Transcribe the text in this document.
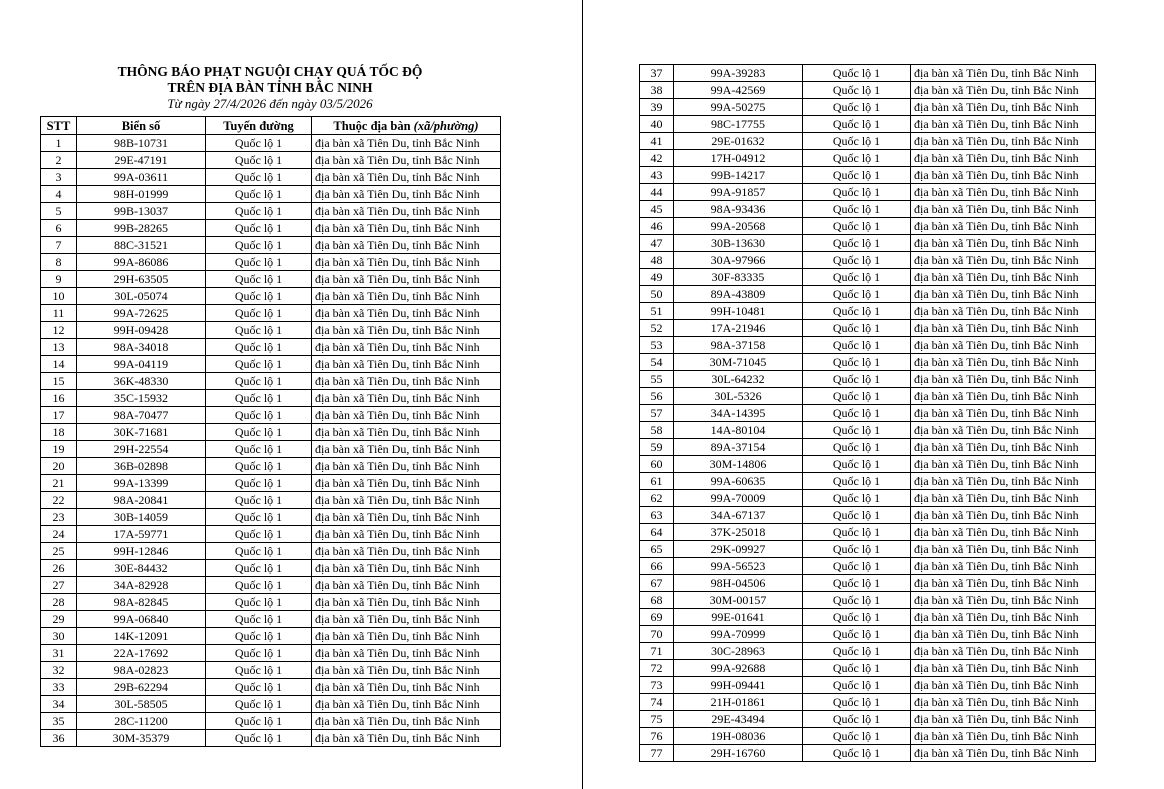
THÔNG BÁO PHẠT NGUỘI CHẠY QUÁ TỐC ĐỘ
TRÊN ĐỊA BÀN TỈNH BẮC NINH
Từ ngày 27/4/2026 đến ngày 03/5/2026
STT	Biển số	Tuyến đường	Thuộc địa bàn (xã/phường)
1	98B-10731	Quốc lộ 1	địa bàn xã Tiên Du, tỉnh Bắc Ninh
2	29E-47191	Quốc lộ 1	địa bàn xã Tiên Du, tỉnh Bắc Ninh
3	99A-03611	Quốc lộ 1	địa bàn xã Tiên Du, tỉnh Bắc Ninh
4	98H-01999	Quốc lộ 1	địa bàn xã Tiên Du, tỉnh Bắc Ninh
5	99B-13037	Quốc lộ 1	địa bàn xã Tiên Du, tỉnh Bắc Ninh
6	99B-28265	Quốc lộ 1	địa bàn xã Tiên Du, tỉnh Bắc Ninh
7	88C-31521	Quốc lộ 1	địa bàn xã Tiên Du, tỉnh Bắc Ninh
8	99A-86086	Quốc lộ 1	địa bàn xã Tiên Du, tỉnh Bắc Ninh
9	29H-63505	Quốc lộ 1	địa bàn xã Tiên Du, tỉnh Bắc Ninh
10	30L-05074	Quốc lộ 1	địa bàn xã Tiên Du, tỉnh Bắc Ninh
11	99A-72625	Quốc lộ 1	địa bàn xã Tiên Du, tỉnh Bắc Ninh
12	99H-09428	Quốc lộ 1	địa bàn xã Tiên Du, tỉnh Bắc Ninh
13	98A-34018	Quốc lộ 1	địa bàn xã Tiên Du, tỉnh Bắc Ninh
14	99A-04119	Quốc lộ 1	địa bàn xã Tiên Du, tỉnh Bắc Ninh
15	36K-48330	Quốc lộ 1	địa bàn xã Tiên Du, tỉnh Bắc Ninh
16	35C-15932	Quốc lộ 1	địa bàn xã Tiên Du, tỉnh Bắc Ninh
17	98A-70477	Quốc lộ 1	địa bàn xã Tiên Du, tỉnh Bắc Ninh
18	30K-71681	Quốc lộ 1	địa bàn xã Tiên Du, tỉnh Bắc Ninh
19	29H-22554	Quốc lộ 1	địa bàn xã Tiên Du, tỉnh Bắc Ninh
20	36B-02898	Quốc lộ 1	địa bàn xã Tiên Du, tỉnh Bắc Ninh
21	99A-13399	Quốc lộ 1	địa bàn xã Tiên Du, tỉnh Bắc Ninh
22	98A-20841	Quốc lộ 1	địa bàn xã Tiên Du, tỉnh Bắc Ninh
23	30B-14059	Quốc lộ 1	địa bàn xã Tiên Du, tỉnh Bắc Ninh
24	17A-59771	Quốc lộ 1	địa bàn xã Tiên Du, tỉnh Bắc Ninh
25	99H-12846	Quốc lộ 1	địa bàn xã Tiên Du, tỉnh Bắc Ninh
26	30E-84432	Quốc lộ 1	địa bàn xã Tiên Du, tỉnh Bắc Ninh
27	34A-82928	Quốc lộ 1	địa bàn xã Tiên Du, tỉnh Bắc Ninh
28	98A-82845	Quốc lộ 1	địa bàn xã Tiên Du, tỉnh Bắc Ninh
29	99A-06840	Quốc lộ 1	địa bàn xã Tiên Du, tỉnh Bắc Ninh
30	14K-12091	Quốc lộ 1	địa bàn xã Tiên Du, tỉnh Bắc Ninh
31	22A-17692	Quốc lộ 1	địa bàn xã Tiên Du, tỉnh Bắc Ninh
32	98A-02823	Quốc lộ 1	địa bàn xã Tiên Du, tỉnh Bắc Ninh
33	29B-62294	Quốc lộ 1	địa bàn xã Tiên Du, tỉnh Bắc Ninh
34	30L-58505	Quốc lộ 1	địa bàn xã Tiên Du, tỉnh Bắc Ninh
35	28C-11200	Quốc lộ 1	địa bàn xã Tiên Du, tỉnh Bắc Ninh
36	30M-35379	Quốc lộ 1	địa bàn xã Tiên Du, tỉnh Bắc Ninh
37	99A-39283	Quốc lộ 1	địa bàn xã Tiên Du, tỉnh Bắc Ninh
38	99A-42569	Quốc lộ 1	địa bàn xã Tiên Du, tỉnh Bắc Ninh
39	99A-50275	Quốc lộ 1	địa bàn xã Tiên Du, tỉnh Bắc Ninh
40	98C-17755	Quốc lộ 1	địa bàn xã Tiên Du, tỉnh Bắc Ninh
41	29E-01632	Quốc lộ 1	địa bàn xã Tiên Du, tỉnh Bắc Ninh
42	17H-04912	Quốc lộ 1	địa bàn xã Tiên Du, tỉnh Bắc Ninh
43	99B-14217	Quốc lộ 1	địa bàn xã Tiên Du, tỉnh Bắc Ninh
44	99A-91857	Quốc lộ 1	địa bàn xã Tiên Du, tỉnh Bắc Ninh
45	98A-93436	Quốc lộ 1	địa bàn xã Tiên Du, tỉnh Bắc Ninh
46	99A-20568	Quốc lộ 1	địa bàn xã Tiên Du, tỉnh Bắc Ninh
47	30B-13630	Quốc lộ 1	địa bàn xã Tiên Du, tỉnh Bắc Ninh
48	30A-97966	Quốc lộ 1	địa bàn xã Tiên Du, tỉnh Bắc Ninh
49	30F-83335	Quốc lộ 1	địa bàn xã Tiên Du, tỉnh Bắc Ninh
50	89A-43809	Quốc lộ 1	địa bàn xã Tiên Du, tỉnh Bắc Ninh
51	99H-10481	Quốc lộ 1	địa bàn xã Tiên Du, tỉnh Bắc Ninh
52	17A-21946	Quốc lộ 1	địa bàn xã Tiên Du, tỉnh Bắc Ninh
53	98A-37158	Quốc lộ 1	địa bàn xã Tiên Du, tỉnh Bắc Ninh
54	30M-71045	Quốc lộ 1	địa bàn xã Tiên Du, tỉnh Bắc Ninh
55	30L-64232	Quốc lộ 1	địa bàn xã Tiên Du, tỉnh Bắc Ninh
56	30L-5326	Quốc lộ 1	địa bàn xã Tiên Du, tỉnh Bắc Ninh
57	34A-14395	Quốc lộ 1	địa bàn xã Tiên Du, tỉnh Bắc Ninh
58	14A-80104	Quốc lộ 1	địa bàn xã Tiên Du, tỉnh Bắc Ninh
59	89A-37154	Quốc lộ 1	địa bàn xã Tiên Du, tỉnh Bắc Ninh
60	30M-14806	Quốc lộ 1	địa bàn xã Tiên Du, tỉnh Bắc Ninh
61	99A-60635	Quốc lộ 1	địa bàn xã Tiên Du, tỉnh Bắc Ninh
62	99A-70009	Quốc lộ 1	địa bàn xã Tiên Du, tỉnh Bắc Ninh
63	34A-67137	Quốc lộ 1	địa bàn xã Tiên Du, tỉnh Bắc Ninh
64	37K-25018	Quốc lộ 1	địa bàn xã Tiên Du, tỉnh Bắc Ninh
65	29K-09927	Quốc lộ 1	địa bàn xã Tiên Du, tỉnh Bắc Ninh
66	99A-56523	Quốc lộ 1	địa bàn xã Tiên Du, tỉnh Bắc Ninh
67	98H-04506	Quốc lộ 1	địa bàn xã Tiên Du, tỉnh Bắc Ninh
68	30M-00157	Quốc lộ 1	địa bàn xã Tiên Du, tỉnh Bắc Ninh
69	99E-01641	Quốc lộ 1	địa bàn xã Tiên Du, tỉnh Bắc Ninh
70	99A-70999	Quốc lộ 1	địa bàn xã Tiên Du, tỉnh Bắc Ninh
71	30C-28963	Quốc lộ 1	địa bàn xã Tiên Du, tỉnh Bắc Ninh
72	99A-92688	Quốc lộ 1	địa bàn xã Tiên Du, tỉnh Bắc Ninh
73	99H-09441	Quốc lộ 1	địa bàn xã Tiên Du, tỉnh Bắc Ninh
74	21H-01861	Quốc lộ 1	địa bàn xã Tiên Du, tỉnh Bắc Ninh
75	29E-43494	Quốc lộ 1	địa bàn xã Tiên Du, tỉnh Bắc Ninh
76	19H-08036	Quốc lộ 1	địa bàn xã Tiên Du, tỉnh Bắc Ninh
77	29H-16760	Quốc lộ 1	địa bàn xã Tiên Du, tỉnh Bắc Ninh
